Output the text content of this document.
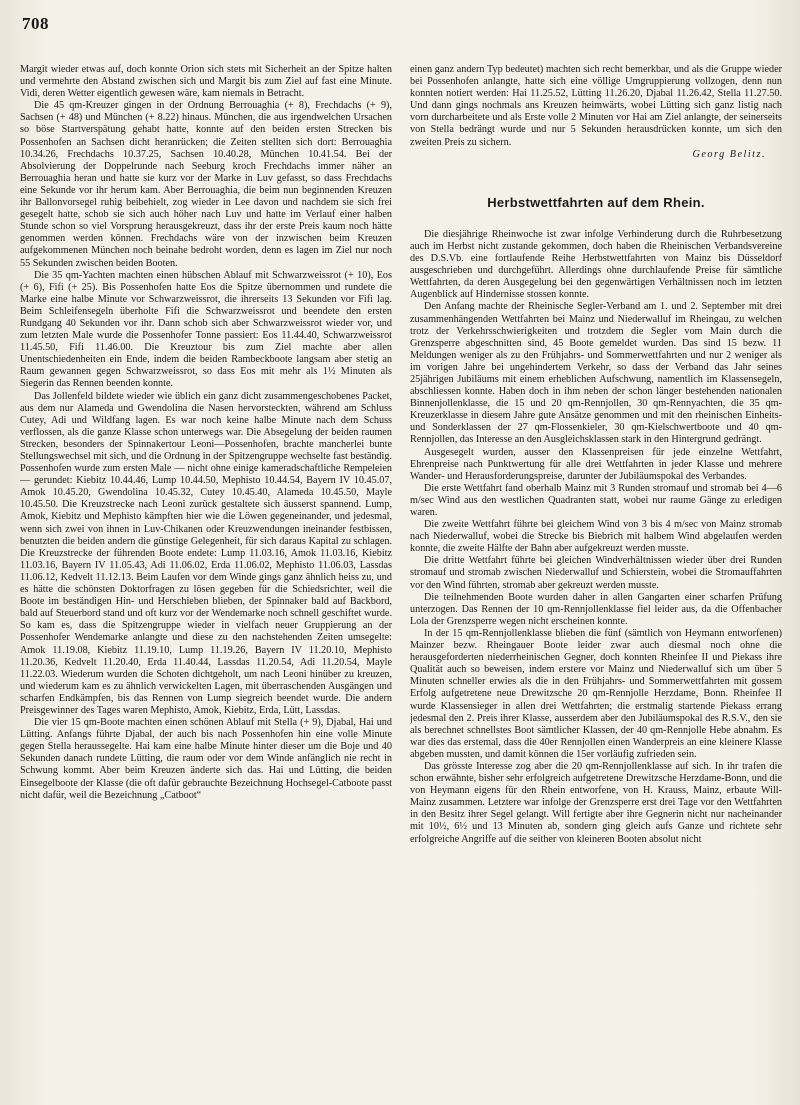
708

Margit wieder etwas auf, doch konnte Orion sich stets mit Sicherheit an der Spitze halten und vermehrte den Abstand zwischen sich und Margit bis zum Ziel auf fast eine Minute. Vidi, deren Wetter eigentlich gewesen wäre, kam niemals in Betracht.

Die 45 qm-Kreuzer gingen in der Ordnung Berrouaghia (+ 8), Frechdachs (+ 9), Sachsen (+ 48) und München (+ 8.22) hinaus. München, die aus irgendwelchen Ursachen so böse Startverspätung gehabt hatte, konnte auf den beiden ersten Strecken bis Possenhofen an Sachsen dicht heranrücken; die Zeiten stellten sich dort: Berrouaghia 10.34.26, Frechdachs 10.37.25, Sachsen 10.40.28, München 10.41.54. Bei der Absolvierung der Doppelrunde nach Seeburg kroch Frechdachs immer näher an Berrouaghia heran und hatte sie kurz vor der Marke in Luv gefasst, so dass Frechdachs eine Sekunde vor ihr herum kam. Aber Berrouaghia, die beim nun beginnenden Kreuzen ihr Ballonvorsegel ruhig beibehielt, zog wieder in Lee davon und nachdem sie sich frei gesegelt hatte, schob sie sich auch höher nach Luv und hatte im Verlauf einer halben Stunde schon so viel Vorsprung herausgekreuzt, dass ihr der erste Preis kaum noch hätte genommen werden können. Frechdachs wäre von der inzwischen beim Kreuzen aufgekommenen München noch beinahe bedroht worden, denn es lagen im Ziel nur noch 55 Sekunden zwischen beiden Booten.

Die 35 qm-Yachten machten einen hübschen Ablauf mit Schwarzweissrot (+ 10), Eos (+ 6), Fifi (+ 25). Bis Possenhofen hatte Eos die Spitze übernommen und rundete die Marke eine halbe Minute vor Schwarzweissrot, die ihrerseits 13 Sekunden vor Fifi lag. Beim Schleifensegeln überholte Fifi die Schwarzweissrot und beendete den ersten Rundgang 40 Sekunden vor ihr. Dann schob sich aber Schwarzweissrot wieder vor, und zum letzten Male wurde die Possenhofer Tonne passiert: Eos 11.44.40, Schwarzweissrot 11.45.50, Fifi 11.46.00. Die Kreuztour bis zum Ziel machte aber allen Unentschiedenheiten ein Ende, indem die beiden Rambeckboote langsam aber stetig an Raum gewannen gegen Schwarzweissrot, so dass Eos mit mehr als 1½ Minuten als Siegerin das Rennen beenden konnte.

Das Jollenfeld bildete wieder wie üblich ein ganz dicht zusammengeschobenes Packet, aus dem nur Alameda und Gwendolina die Nasen hervorsteckten, während am Schluss Cutey, Adi und Wildfang lagen. Es war noch keine halbe Minute nach dem Schuss verflossen, als die ganze Klasse schon unterwegs war. Die Absegelung der beiden raumen Strecken, besonders der Spinnakertour Leoni—Possenhofen, brachte mancherlei bunte Stellungswechsel mit sich, und die Ordnung in der Spitzengruppe wechselte fast beständig. Possenhofen wurde zum ersten Male — nicht ohne einige kameradschaftliche Rempeleien — gerundet: Kiebitz 10.44.46, Lump 10.44.50, Mephisto 10.44.54, Bayern IV 10.45.07, Amok 10.45.20, Gwendolina 10.45.32, Cutey 10.45.40, Alameda 10.45.50, Mayle 10.45.50. Die Kreuzstrecke nach Leoni zurück gestaltete sich äusserst spannend. Lump, Amok, Kiebitz und Mephisto kämpften hier wie die Löwen gegeneinander, und jedesmal, wenn sich zwei von ihnen in Luv-Chikanen oder Kreuzwendungen ineinander festbissen, benutzten die beiden andern die günstige Gelegenheit, für sich daraus Kapital zu schlagen. Die Kreuzstrecke der führenden Boote endete: Lump 11.03.16, Amok 11.03.16, Kiebitz 11.03.16, Bayern IV 11.05.43, Adi 11.06.02, Erda 11.06.02, Mephisto 11.06.03, Lassdas 11.06.12, Kedvelt 11.12.13. Beim Laufen vor dem Winde gings ganz ähnlich heiss zu, und es hätte die schönsten Doktorfragen zu lösen gegeben für die Schiedsrichter, weil die Boote im beständigen Hin- und Herschieben blieben, der Spinnaker bald auf Backbord, bald auf Steuerbord stand und oft kurz vor der Wendemarke noch schnell geschiftet wurde. So kam es, dass die Spitzengruppe wieder in vielfach neuer Gruppierung an der Possenhofer Wendemarke anlangte und diese zu den nachstehenden Zeiten umsegelte: Amok 11.19.08, Kiebitz 11.19.10, Lump 11.19.26, Bayern IV 11.20.10, Mephisto 11.20.36, Kedvelt 11.20.40, Erda 11.40.44, Lassdas 11.20.54, Adi 11.20.54, Mayle 11.22.03. Wiederum wurden die Schoten dichtgeholt, um nach Leoni hinüber zu kreuzen, und wiederum kam es zu ähnlich verwickelten Lagen, mit überraschenden Ausgängen und scharfen Endkämpfen, bis das Rennen von Lump siegreich beendet wurde. Die andern Preisgewinner des Tages waren Mephisto, Amok, Kiebitz, Erda, Lütt, Lassdas.

Die vier 15 qm-Boote machten einen schönen Ablauf mit Stella (+ 9), Djabal, Hai und Lütting. Anfangs führte Djabal, der auch bis nach Possenhofen hin eine volle Minute gegen Stella heraussegelte. Hai kam eine halbe Minute hinter dieser um die Boje und 40 Sekunden danach rundete Lütting, die raum oder vor dem Winde anfänglich nie recht in Schwung kommt. Aber beim Kreuzen änderte sich das. Hai und Lütting, die beiden Einsegelboote der Klasse (die oft dafür gebrauchte Bezeichnung Hochsegel-Catboote passt nicht dafür, weil die Bezeichnung „Catboot“

einen ganz andern Typ bedeutet) machten sich recht bemerkbar, und als die Gruppe wieder bei Possenhofen anlangte, hatte sich eine völlige Umgruppierung vollzogen, denn nun konnten notiert werden: Hai 11.25.52, Lütting 11.26.20, Djabal 11.26.42, Stella 11.27.50. Und dann gings nochmals ans Kreuzen heimwärts, wobei Lütting sich ganz listig nach vorn durcharbeitete und als Erste volle 2 Minuten vor Hai am Ziel anlangte, der seinerseits von Stella bedrängt wurde und nur 5 Sekunden herausdrücken konnte, um sich den zweiten Preis zu sichern.

Georg Belitz.
Herbstwettfahrten auf dem Rhein.

Die diesjährige Rheinwoche ist zwar infolge Verhinderung durch die Ruhrbesetzung auch im Herbst nicht zustande gekommen, doch haben die Rheinischen Verbandsvereine des D.S.Vb. eine fortlaufende Reihe Herbstwettfahrten von Mainz bis Düsseldorf ausgeschrieben und durchgeführt. Allerdings ohne durchlaufende Preise für sämtliche Wettfahrten, da deren Ausgegelung bei den gegenwärtigen Verhältnissen noch im letzten Augenblick auf Hindernisse stossen konnte.

Den Anfang machte der Rheinische Segler-Verband am 1. und 2. September mit drei zusammenhängenden Wettfahrten bei Mainz und Niederwalluf im Rheingau, zu welchen trotz der Verkehrsschwierigkeiten und trotzdem die Segler vom Main durch die Grenzsperre abgeschnitten sind, 45 Boote gemeldet wurden. Das sind 15 bezw. 11 Meldungen weniger als zu den Frühjahrs- und Sommerwettfahrten und nur 2 weniger als im vorigen Jahre bei ungehindertem Verkehr, so dass der Verband das Jahr seines 25jährigen Jubiläums mit einem erheblichen Aufschwung, namentlich im Klassensegeln, abschliessen konnte. Haben doch in ihm neben der schon länger bestehenden nationalen Binnenjollenklasse, die 15 und 20 qm-Rennjollen, 30 qm-Rennyachten, die 35 qm-Kreuzerklasse in diesem Jahre gute Ansätze genommen und mit den rheinischen Einheits- und Sonderklassen der 27 qm-Flossenkieler, 30 qm-Kielschwertboote und 40 qm-Rennjollen, das Interesse an den Ausgleichsklassen stark in den Hintergrund gedrängt.

Ausgesegelt wurden, ausser den Klassenpreisen für jede einzelne Wettfahrt, Ehrenpreise nach Punktwertung für alle drei Wettfahrten in jeder Klasse und mehrere Wander- und Herausforderungspreise, darunter der Jubiläumspokal des Verbandes.

Die erste Wettfahrt fand oberhalb Mainz mit 3 Runden stromauf und stromab bei 4—6 m/sec Wind aus den westlichen Quadranten statt, wobei nur raume Gänge zu erledigen waren.

Die zweite Wettfahrt führte bei gleichem Wind von 3 bis 4 m/sec von Mainz stromab nach Niederwalluf, wobei die Strecke bis Biebrich mit halbem Wind abgelaufen werden konnte, die zweite Hälfte der Bahn aber aufgekreuzt werden musste.

Die dritte Wettfahrt führte bei gleichen Windverhältnissen wieder über drei Runden stromauf und stromab zwischen Niederwalluf und Schierstein, wobei die Stromauffahrten vor den Wind führten, stromab aber gekreuzt werden musste.

Die teilnehmenden Boote wurden daher in allen Gangarten einer scharfen Prüfung unterzogen. Das Rennen der 10 qm-Rennjollenklasse fiel leider aus, da die Offenbacher Lola der Grenzsperre wegen nicht erscheinen konnte.

In der 15 qm-Rennjollenklasse blieben die fünf (sämtlich von Heymann entworfenen) Mainzer bezw. Rheingauer Boote leider zwar auch diesmal noch ohne die herausgeforderten niederrheinischen Gegner, doch konnten Rheinfee II und Piekass ihre Qualität auch so beweisen, indem erstere vor Mainz und Niederwalluf sich um über 5 Minuten schneller erwies als die in den Frühjahrs- und Sommerwettfahrten mit gossem Erfolg aufgetretene neue Drewitzsche 20 qm-Rennjolle Herzdame, Bonn. Rheinfee II wurde Klassensieger in allen drei Wettfahrten; die erstmalig startende Piekass errang jedesmal den 2. Preis ihrer Klasse, ausserdem aber den Jubiläumspokal des R.S.V., den sie als berechnet schnellstes Boot sämtlicher Klassen, der 40 qm-Rennjolle Hebe abnahm. Es war dies das erstemal, dass die 40er Rennjollen einen Wanderpreis an eine kleinere Klasse abgeben mussten, und damit können die 15er vorläufig zufrieden sein.

Das grösste Interesse zog aber die 20 qm-Rennjollenklasse auf sich. In ihr trafen die schon erwähnte, bisher sehr erfolgreich aufgetretene Drewitzsche Herzdame-Bonn, und die von Heymann eigens für den Rhein entworfene, von H. Krauss, Mainz, erbaute Will-Mainz zusammen. Letztere war infolge der Grenzsperre erst drei Tage vor den Wettfahrten in den Besitz ihrer Segel gelangt. Will fertigte aber ihre Gegnerin nicht nur nacheinander mit 10½, 6½ und 13 Minuten ab, sondern ging gleich aufs Ganze und richtete sehr erfolgreiche Angriffe auf die seither von kleineren Booten absolut nicht
